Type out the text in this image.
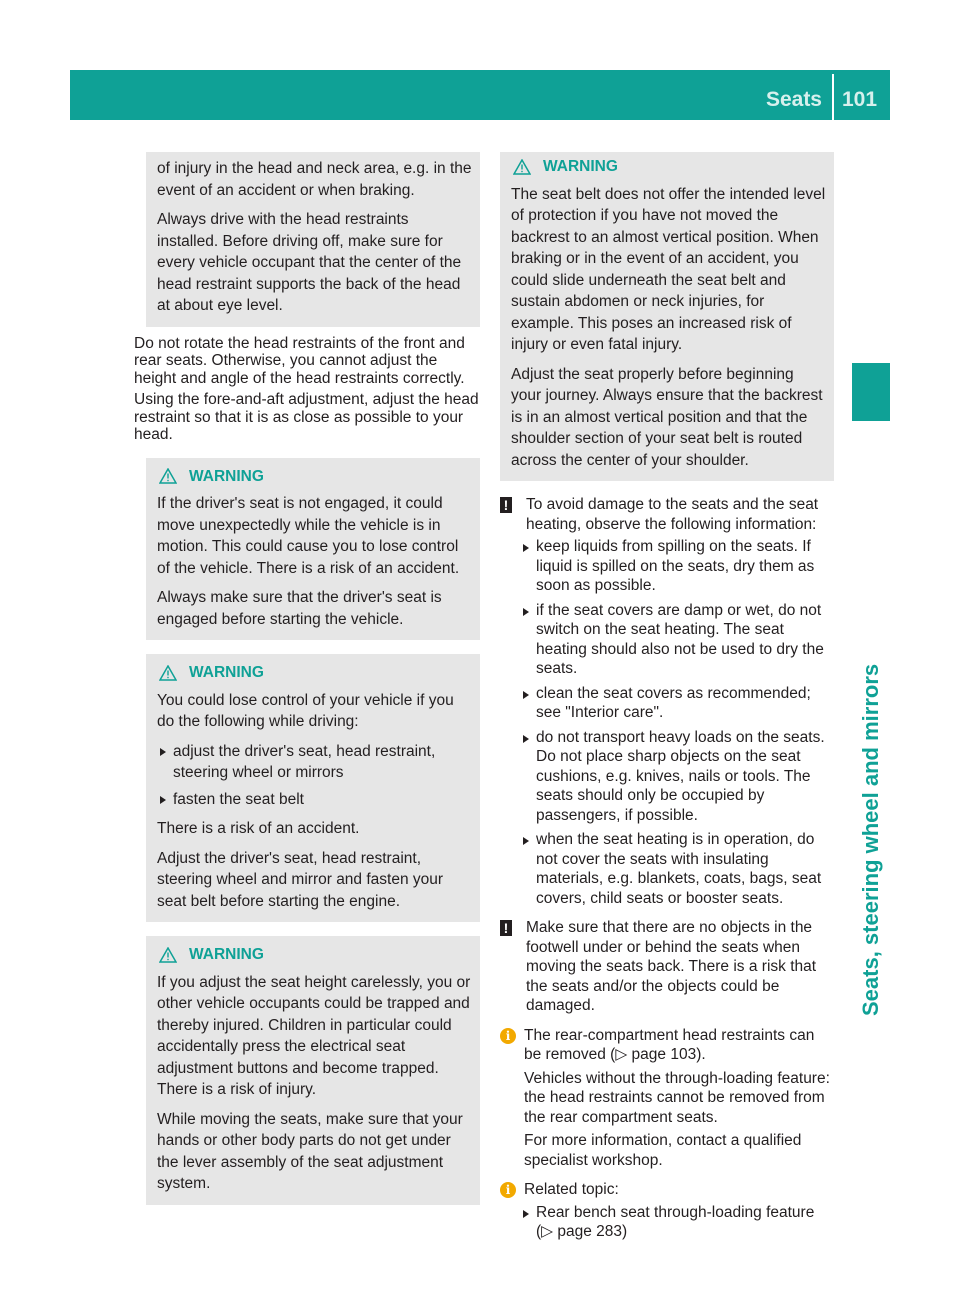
Seats 101
Seats, steering wheel and mirrors

of injury in the head and neck area, e.g. in the event of an accident or when braking.

Always drive with the head restraints installed. Before driving off, make sure for every vehicle occupant that the center of the head restraint supports the back of the head at about eye level.

Do not rotate the head restraints of the front and rear seats. Otherwise, you cannot adjust the height and angle of the head restraints correctly.

Using the fore-and-aft adjustment, adjust the head restraint so that it is as close as possible to your head.

WARNING

If the driver's seat is not engaged, it could move unexpectedly while the vehicle is in motion. This could cause you to lose control of the vehicle. There is a risk of an accident.

Always make sure that the driver's seat is engaged before starting the vehicle.

WARNING

You could lose control of your vehicle if you do the following while driving:

adjust the driver's seat, head restraint, steering wheel or mirrors
fasten the seat belt

There is a risk of an accident.

Adjust the driver's seat, head restraint, steering wheel and mirror and fasten your seat belt before starting the engine.

WARNING

If you adjust the seat height carelessly, you or other vehicle occupants could be trapped and thereby injured. Children in particular could accidentally press the electrical seat adjustment buttons and become trapped. There is a risk of injury.

While moving the seats, make sure that your hands or other body parts do not get under the lever assembly of the seat adjustment system.

WARNING

The seat belt does not offer the intended level of protection if you have not moved the backrest to an almost vertical position. When braking or in the event of an accident, you could slide underneath the seat belt and sustain abdomen or neck injuries, for example. This poses an increased risk of injury or even fatal injury.

Adjust the seat properly before beginning your journey. Always ensure that the backrest is in an almost vertical position and that the shoulder section of your seat belt is routed across the center of your shoulder.

!	To avoid damage to the seats and the seat heating, observe the following information:

keep liquids from spilling on the seats. If liquid is spilled on the seats, dry them as soon as possible.
if the seat covers are damp or wet, do not switch on the seat heating. The seat heating should also not be used to dry the seats.
clean the seat covers as recommended; see "Interior care".
do not transport heavy loads on the seats. Do not place sharp objects on the seat cushions, e.g. knives, nails or tools. The seats should only be occupied by passengers, if possible.
when the seat heating is in operation, do not cover the seats with insulating materials, e.g. blankets, coats, bags, seat covers, child seats or booster seats.
!	Make sure that there are no objects in the footwell under or behind the seats when moving the seats back. There is a risk that the seats and/or the objects could be damaged.

i The rear-compartment head restraints can be removed (▷ page 103).

Vehicles without the through-loading feature: the head restraints cannot be removed from the rear compartment seats.

For more information, contact a qualified specialist workshop.

i Related topic:

Rear bench seat through-loading feature (▷ page 283)
